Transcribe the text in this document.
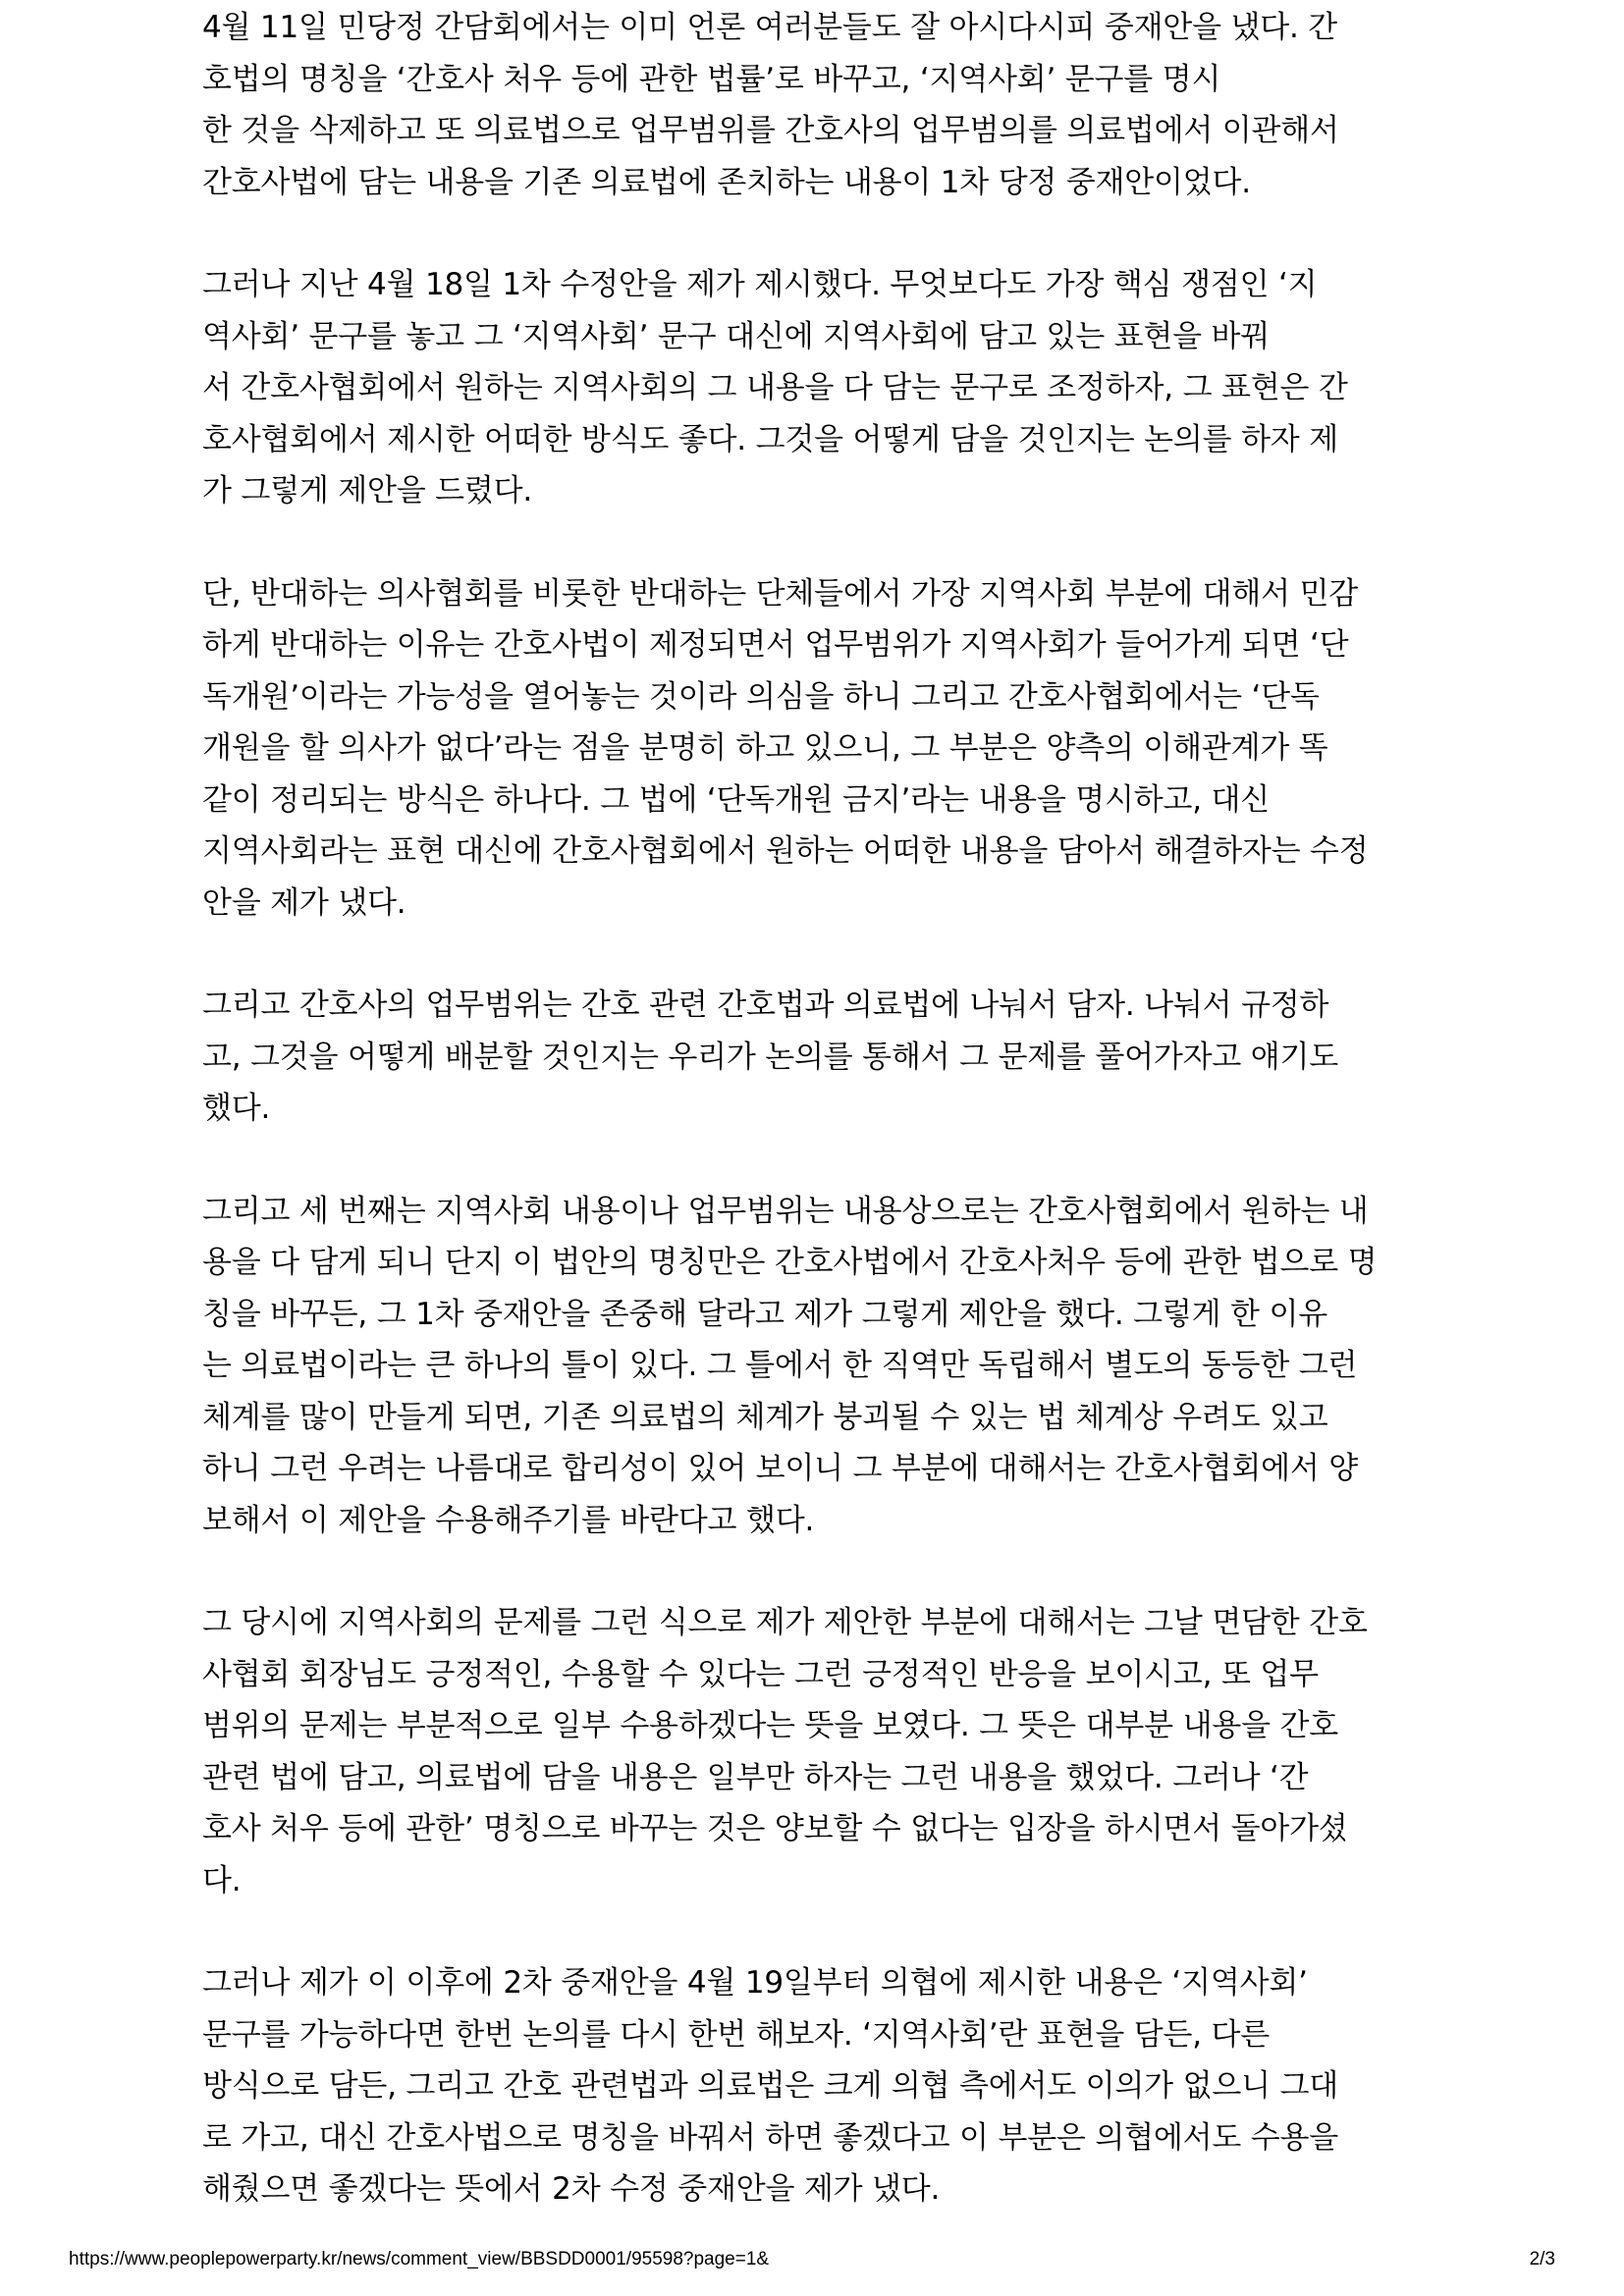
4월 11일 민당정 간담회에서는 이미 언론 여러분들도 잘 아시다시피 중재안을 냈다. 간
호법의 명칭을 ‘간호사 처우 등에 관한 법률’로 바꾸고, ‘지역사회’ 문구를 명시
한 것을 삭제하고 또 의료법으로 업무범위를 간호사의 업무범의를 의료법에서 이관해서
간호사법에 담는 내용을 기존 의료법에 존치하는 내용이 1차 당정 중재안이었다.

그러나 지난 4월 18일 1차 수정안을 제가 제시했다. 무엇보다도 가장 핵심 쟁점인 ‘지
역사회’ 문구를 놓고 그 ‘지역사회’ 문구 대신에 지역사회에 담고 있는 표현을 바꿔
서 간호사협회에서 원하는 지역사회의 그 내용을 다 담는 문구로 조정하자, 그 표현은 간
호사협회에서 제시한 어떠한 방식도 좋다. 그것을 어떻게 담을 것인지는 논의를 하자 제
가 그렇게 제안을 드렸다.

단, 반대하는 의사협회를 비롯한 반대하는 단체들에서 가장 지역사회 부분에 대해서 민감
하게 반대하는 이유는 간호사법이 제정되면서 업무범위가 지역사회가 들어가게 되면 ‘단
독개원’이라는 가능성을 열어놓는 것이라 의심을 하니 그리고 간호사협회에서는 ‘단독
개원을 할 의사가 없다’라는 점을 분명히 하고 있으니, 그 부분은 양측의 이해관계가 똑
같이 정리되는 방식은 하나다. 그 법에 ‘단독개원 금지’라는 내용을 명시하고, 대신
지역사회라는 표현 대신에 간호사협회에서 원하는 어떠한 내용을 담아서 해결하자는 수정
안을 제가 냈다.

그리고 간호사의 업무범위는 간호 관련 간호법과 의료법에 나눠서 담자. 나눠서 규정하
고, 그것을 어떻게 배분할 것인지는 우리가 논의를 통해서 그 문제를 풀어가자고 얘기도
했다.

그리고 세 번째는 지역사회 내용이나 업무범위는 내용상으로는 간호사협회에서 원하는 내
용을 다 담게 되니 단지 이 법안의 명칭만은 간호사법에서 간호사처우 등에 관한 법으로 명
칭을 바꾸든, 그 1차 중재안을 존중해 달라고 제가 그렇게 제안을 했다. 그렇게 한 이유
는 의료법이라는 큰 하나의 틀이 있다. 그 틀에서 한 직역만 독립해서 별도의 동등한 그런
체계를 많이 만들게 되면, 기존 의료법의 체계가 붕괴될 수 있는 법 체계상 우려도 있고
하니 그런 우려는 나름대로 합리성이 있어 보이니 그 부분에 대해서는 간호사협회에서 양
보해서 이 제안을 수용해주기를 바란다고 했다.

그 당시에 지역사회의 문제를 그런 식으로 제가 제안한 부분에 대해서는 그날 면담한 간호
사협회 회장님도 긍정적인, 수용할 수 있다는 그런 긍정적인 반응을 보이시고, 또 업무
범위의 문제는 부분적으로 일부 수용하겠다는 뜻을 보였다. 그 뜻은 대부분 내용을 간호
관련 법에 담고, 의료법에 담을 내용은 일부만 하자는 그런 내용을 했었다. 그러나 ‘간
호사 처우 등에 관한’ 명칭으로 바꾸는 것은 양보할 수 없다는 입장을 하시면서 돌아가셨
다.

그러나 제가 이 이후에 2차 중재안을 4월 19일부터 의협에 제시한 내용은 ‘지역사회’
문구를 가능하다면 한번 논의를 다시 한번 해보자. ‘지역사회’란 표현을 담든, 다른
방식으로 담든, 그리고 간호 관련법과 의료법은 크게 의협 측에서도 이의가 없으니 그대
로 가고, 대신 간호사법으로 명칭을 바꿔서 하면 좋겠다고 이 부분은 의협에서도 수용을
해줬으면 좋겠다는 뜻에서 2차 수정 중재안을 제가 냈다.

https://www.peoplepowerparty.kr/news/comment_view/BBSDD0001/95598?page=1&	2/3
